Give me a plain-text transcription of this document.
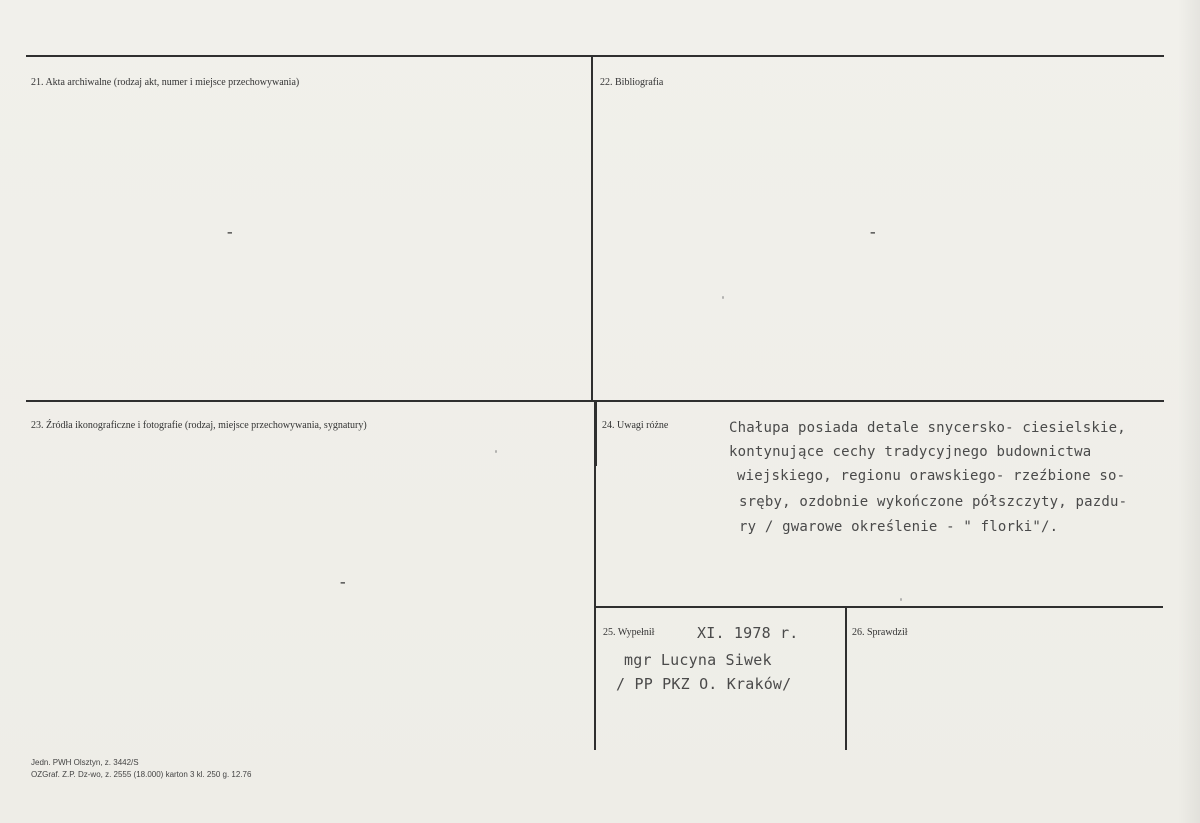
21. Akta archiwalne (rodzaj akt, numer i miejsce przechowywania)
-
22. Bibliografia
-
23. Źródła ikonograficzne i fotografie (rodzaj, miejsce przechowywania, sygnatury)
-
24. Uwagi różne	Chałupa posiada detale snycersko- ciesielskie,
kontynujące cechy tradycyjnego budownictwa
wiejskiego, regionu orawskiego- rzeźbione so-
sręby, ozdobnie wykończone półszczyty, pazdu-
ry / gwarowe określenie - " florki"/.
25. Wypełnił	XI. 1978 r.
mgr Lucyna Siwek
/ PP PKZ O. Kraków/
26. Sprawdził
Jedn. PWH Olsztyn, z. 3442/S
OZGraf. Z.P. Dz-wo, z. 2555 (18.000) karton 3 kl. 250 g. 12.76
